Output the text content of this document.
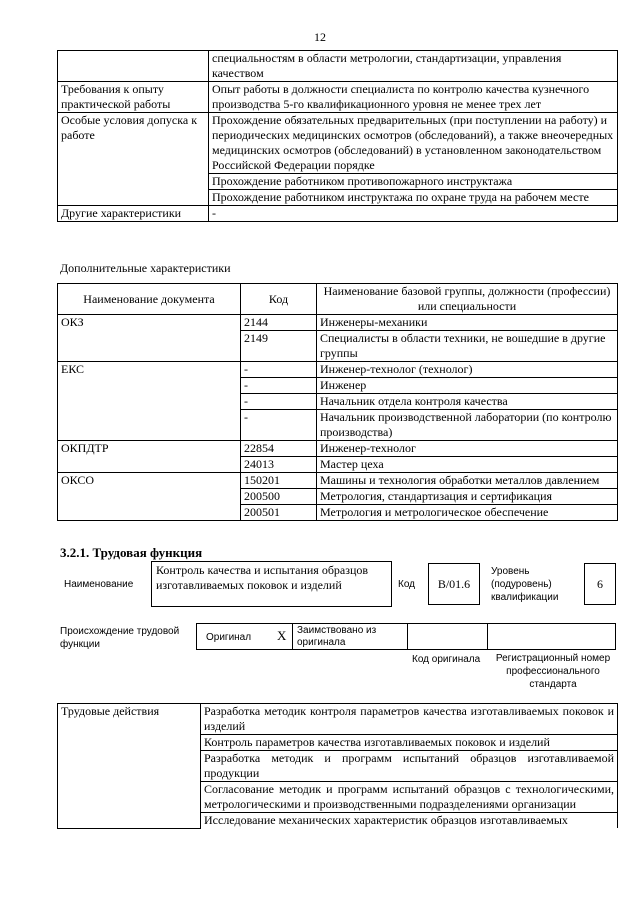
12
	специальностям в области метрологии, стандартизации, управления качеством
Требования к опыту практической работы	Опыт работы в должности специалиста по контролю качества кузнечного производства 5-го квалификационного уровня не менее трех лет
Особые условия допуска к работе	Прохождение обязательных предварительных (при поступлении на работу) и периодических медицинских осмотров (обследований), а также внеочередных медицинских осмотров (обследований) в установленном законодательством Российской Федерации порядке
	Прохождение работником противопожарного инструктажа
	Прохождение работником инструктажа по охране труда на рабочем месте
Другие характеристики	-
Дополнительные характеристики
Наименование документа	Код	Наименование базовой группы, должности (профессии) или специальности
ОКЗ	2144	Инженеры-механики
	2149	Специалисты в области техники, не вошедшие в другие группы
ЕКС	-	Инженер-технолог (технолог)
	-	Инженер
	-	Начальник отдела контроля качества
	-	Начальник производственной лаборатории (по контролю производства)
ОКПДТР	22854	Инженер-технолог
	24013	Мастер цеха
ОКСО	150201	Машины и технология обработки металлов давлением
	200500	Метрология, стандартизация и сертификация
	200501	Метрология и метрологическое обеспечение
3.2.1. Трудовая функция
Наименование
Контроль качества и испытания образцов изготавливаемых поковок и изделий	Код	В/01.6
Уровень (подуровень) квалификации
6
Происхождение трудовой функции
Оригинал X Заимствовано из оригинала
Код оригинала	Регистрационный номер профессионального стандарта
Трудовые действия	Разработка методик контроля параметров качества изготавливаемых поковок и изделий
Контроль параметров качества изготавливаемых поковок и изделий
Разработка методик и программ испытаний образцов изготавливаемой продукции
Согласование методик и программ испытаний образцов с технологическими, метрологическими и производственными подразделениями организации
Исследование механических характеристик образцов изготавливаемых
